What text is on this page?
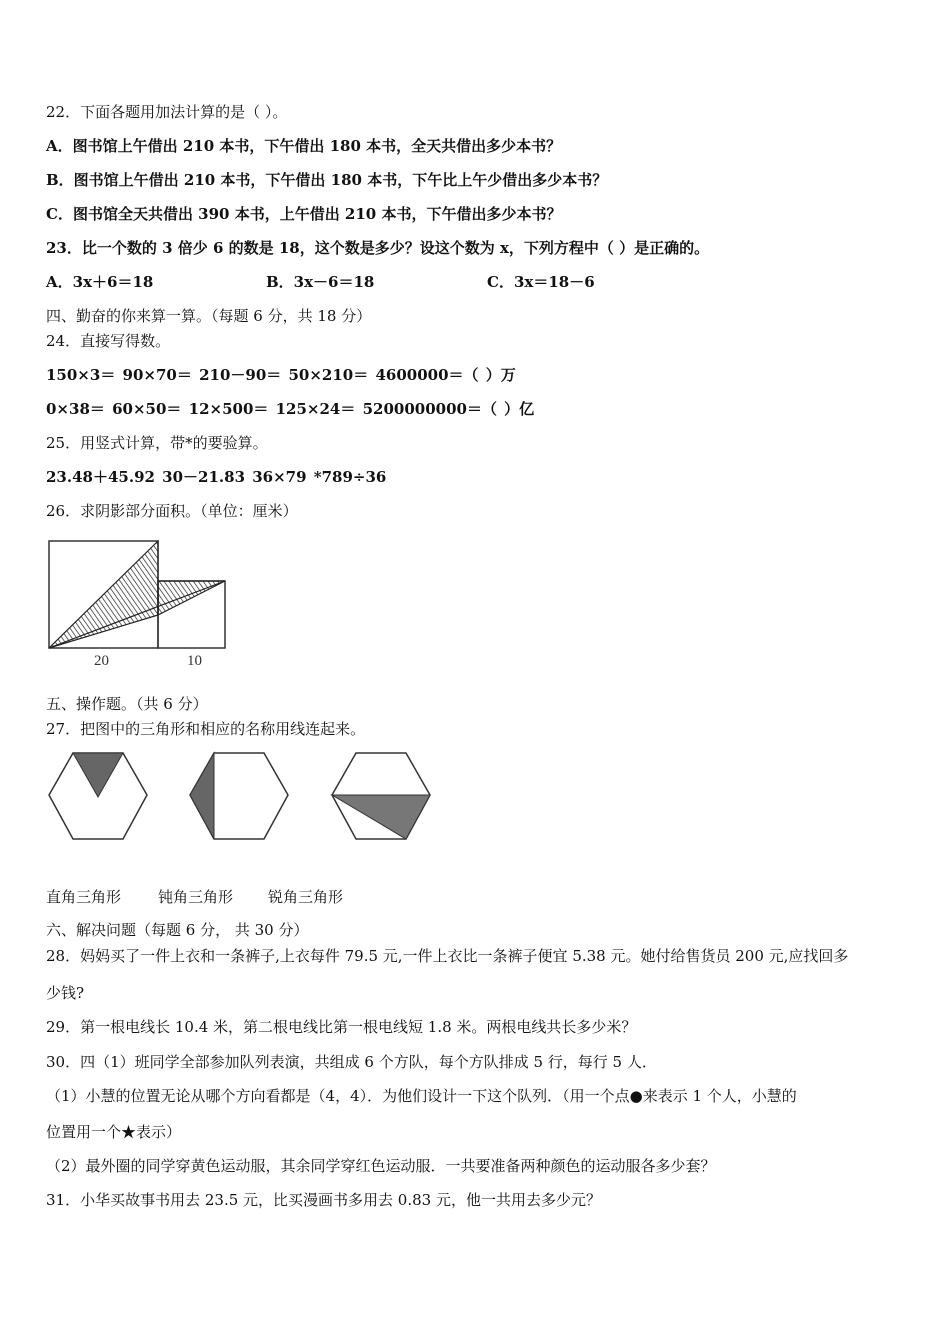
22．下面各题用加法计算的是（ ）。
A．图书馆上午借出 210 本书，下午借出 180 本书，全天共借出多少本书？
B．图书馆上午借出 210 本书，下午借出 180 本书，下午比上午少借出多少本书？
C．图书馆全天共借出 390 本书，上午借出 210 本书，下午借出多少本书？
23．比一个数的 3 倍少 6 的数是 18，这个数是多少？设这个数为 x，下列方程中（ ）是正确的。
A．3x＋6＝18	B．3x－6＝18	C．3x＝18－6
四、勤奋的你来算一算。（每题 6 分，共 18 分）
24．直接写得数。
150×3＝ 90×70＝ 210－90＝ 50×210＝ 4600000＝（ ）万
0×38＝ 60×50＝ 12×500＝ 125×24＝ 5200000000＝（ ）亿
25．用竖式计算，带*的要验算。
23.48＋45.92 30－21.83 36×79 *789÷36
26．求阴影部分面积。（单位：厘米）
20	10
五、操作题。（共 6 分）
27．把图中的三角形和相应的名称用线连起来。
直角三角形 钝角三角形 锐角三角形
六、解决问题（每题 6 分， 共 30 分）
28．妈妈买了一件上衣和一条裤子,上衣每件 79.5 元,一件上衣比一条裤子便宜 5.38 元。她付给售货员 200 元,应找回多
少钱?
29．第一根电线长 10.4 米，第二根电线比第一根电线短 1.8 米。两根电线共长多少米？
30．四（1）班同学全部参加队列表演，共组成 6 个方队，每个方队排成 5 行，每行 5 人．
（1）小慧的位置无论从哪个方向看都是（4，4）．为他们设计一下这个队列．（用一个点●来表示 1 个人，小慧的
位置用一个★表示）
（2）最外圈的同学穿黄色运动服，其余同学穿红色运动服．一共要准备两种颜色的运动服各多少套？
31．小华买故事书用去 23.5 元，比买漫画书多用去 0.83 元，他一共用去多少元？
